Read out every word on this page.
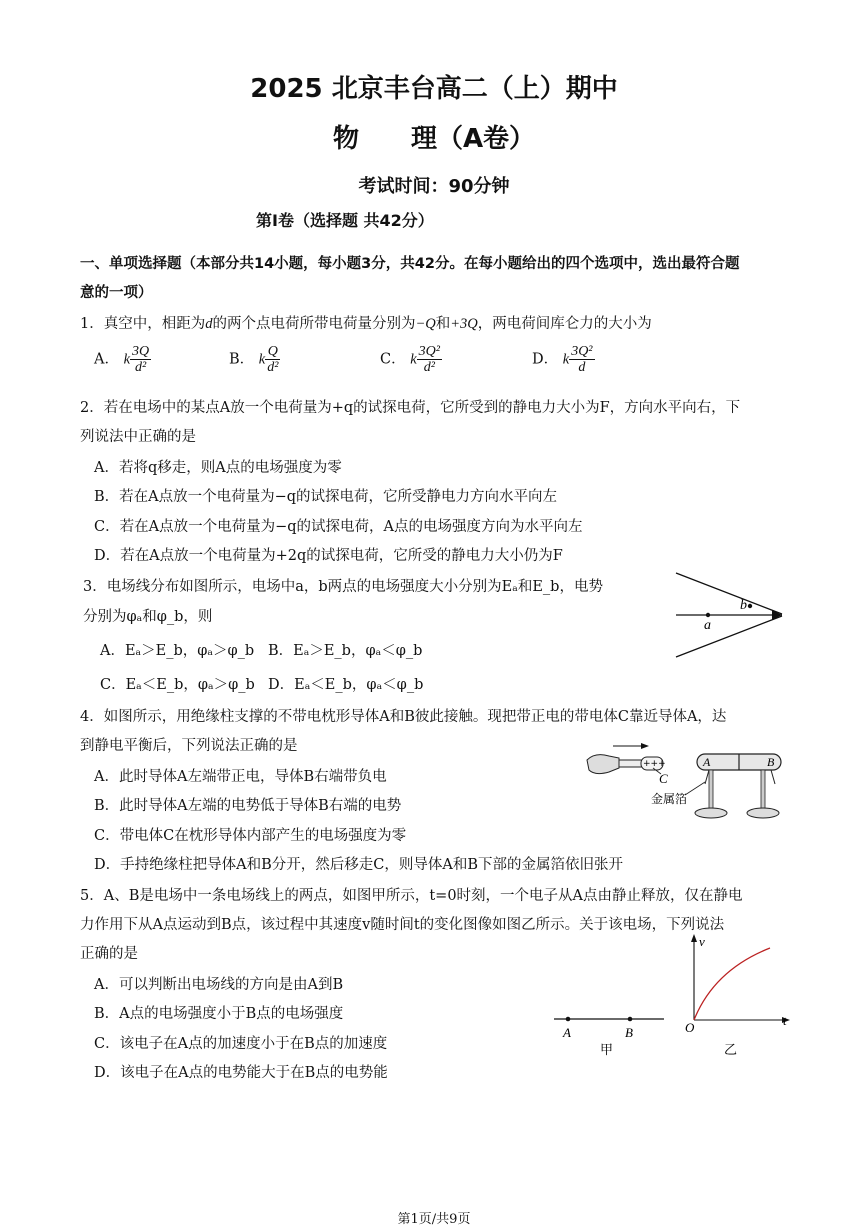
2025 北京丰台高二（上）期中
物　　理（A卷）
考试时间：90分钟
第Ⅰ卷（选择题 共42分）
一、单项选择题（本部分共14小题，每小题3分，共42分。在每小题给出的四个选项中，选出最符合题
意的一项）
1．真空中，相距为d的两个点电荷所带电荷量分别为−Q和+3Q，两电荷间库仑力的大小为
A． k $\frac{3Q}{\text{d²}}$	B． k $\frac{Q}{\text{d²}}$	C． k $\frac{\text{3Q²}}{\text{d²}}$	D． k $\frac{\text{3Q²}}{d}$
2．若在电场中的某点A放一个电荷量为+q的试探电荷，它所受到的静电力大小为F，方向水平向右，下
列说法中正确的是
A．若将q移走，则A点的电场强度为零
B．若在A点放一个电荷量为−q的试探电荷，它所受静电力方向水平向左
C．若在A点放一个电荷量为−q的试探电荷，A点的电场强度方向为水平向左
D．若在A点放一个电荷量为+2q的试探电荷，它所受的静电力大小仍为F
3．电场线分布如图所示，电场中a，b两点的电场强度大小分别为Eₐ和E_b，电势
分别为φₐ和φ_b，则
A．Eₐ＞E_b，φₐ＞φ_b B．Eₐ＞E_b，φₐ＜φ_b
C．Eₐ＜E_b，φₐ＞φ_b D．Eₐ＜E_b，φₐ＜φ_b
a
b
4．如图所示，用绝缘柱支撑的不带电枕形导体A和B彼此接触。现把带正电的带电体C靠近导体A，达
到静电平衡后，下列说法正确的是
A．此时导体A左端带正电，导体B右端带负电
B．此时导体A左端的电势低于导体B右端的电势
C．带电体C在枕形导体内部产生的电场强度为零
D．手持绝缘柱把导体A和B分开，然后移走C，则导体A和B下部的金属箔依旧张开
+++
C
A	B
金属箔
5．A、B是电场中一条电场线上的两点，如图甲所示，t=0时刻，一个电子从A点由静止释放，仅在静电
力作用下从A点运动到B点，该过程中其速度v随时间t的变化图像如图乙所示。关于该电场，下列说法
正确的是
A．可以判断出电场线的方向是由A到B
B．A点的电场强度小于B点的电场强度
C．该电子在A点的加速度小于在B点的加速度
D．该电子在A点的电势能大于在B点的电势能
A	B
甲
v
t
O
乙
第1页/共9页
